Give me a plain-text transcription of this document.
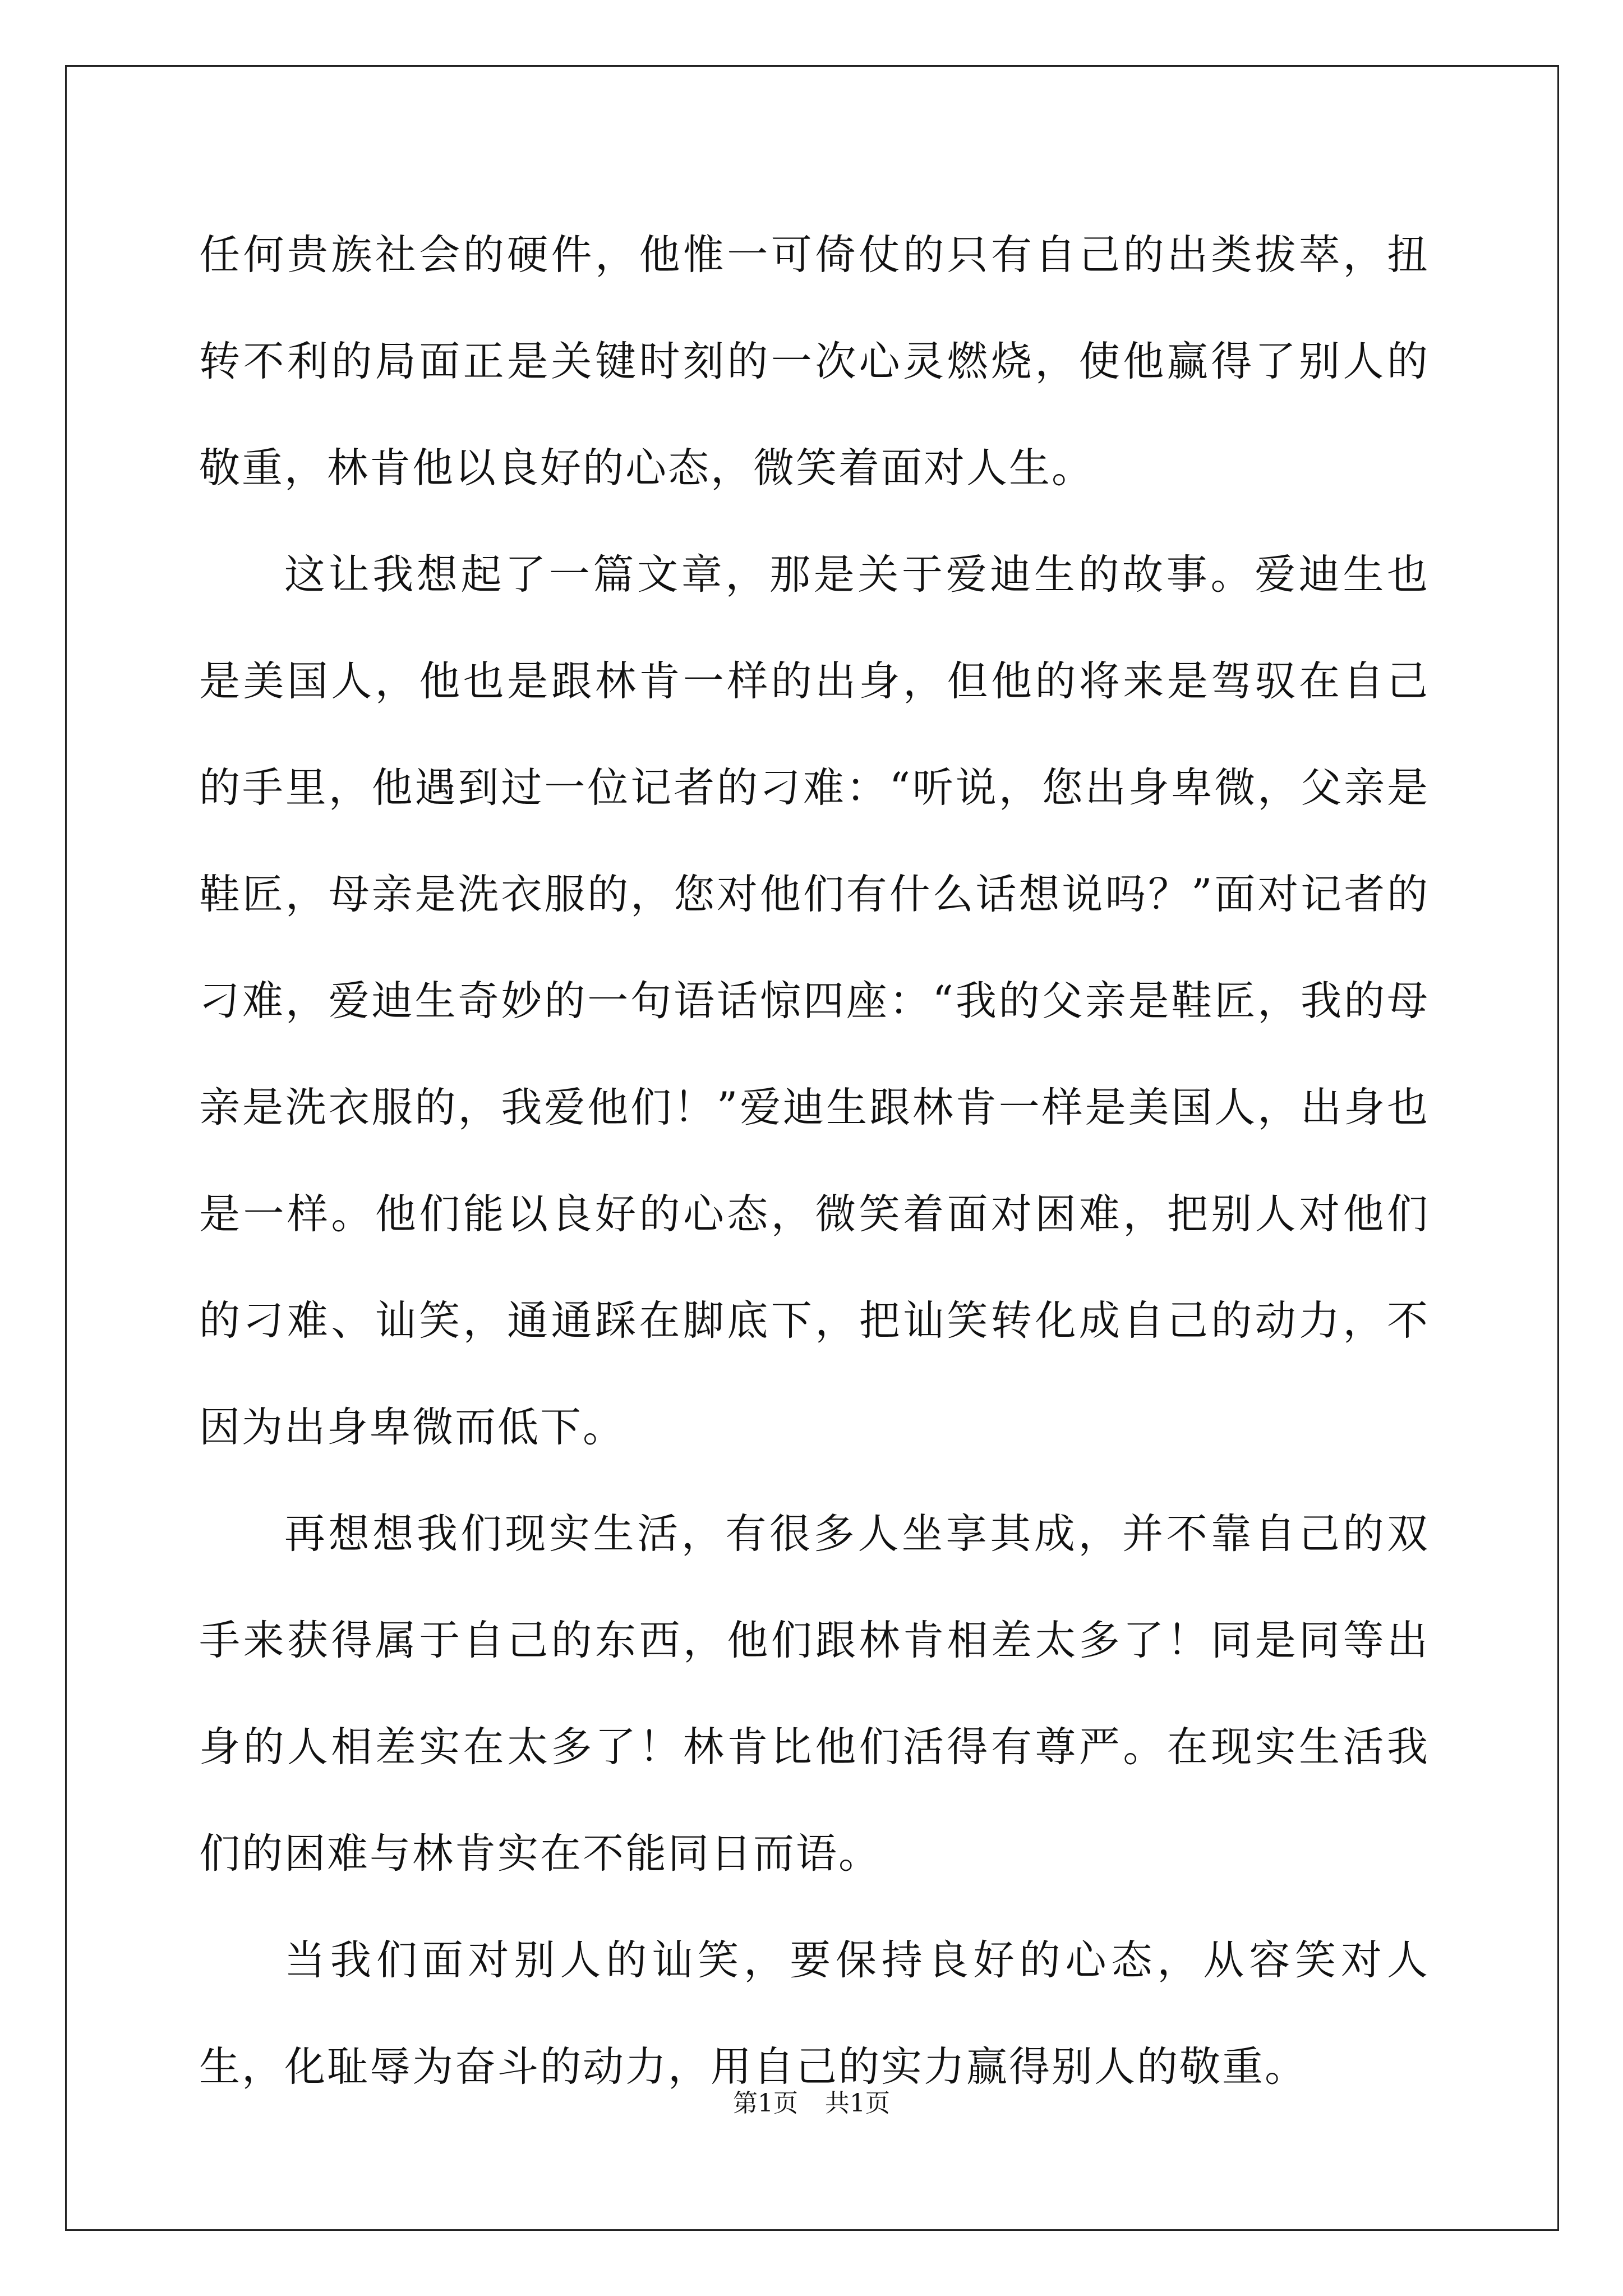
任何贵族社会的硬件，他惟一可倚仗的只有自己的出类拔萃，扭转不利的局面正是关键时刻的一次心灵燃烧，使他赢得了别人的敬重，林肯他以良好的心态，微笑着面对人生。

这让我想起了一篇文章，那是关于爱迪生的故事。爱迪生也是美国人，他也是跟林肯一样的出身，但他的将来是驾驭在自己的手里，他遇到过一位记者的刁难：“听说，您出身卑微，父亲是鞋匠，母亲是洗衣服的，您对他们有什么话想说吗？”面对记者的刁难，爱迪生奇妙的一句语话惊四座：“我的父亲是鞋匠，我的母亲是洗衣服的，我爱他们！”爱迪生跟林肯一样是美国人，出身也是一样。他们能以良好的心态，微笑着面对困难，把别人对他们的刁难、讪笑，通通踩在脚底下，把讪笑转化成自己的动力，不因为出身卑微而低下。

再想想我们现实生活，有很多人坐享其成，并不靠自己的双手来获得属于自己的东西，他们跟林肯相差太多了！同是同等出身的人相差实在太多了！林肯比他们活得有尊严。在现实生活我们的困难与林肯实在不能同日而语。

当我们面对别人的讪笑，要保持良好的心态，从容笑对人生，化耻辱为奋斗的动力，用自己的实力赢得别人的敬重。

第1页 共1页
